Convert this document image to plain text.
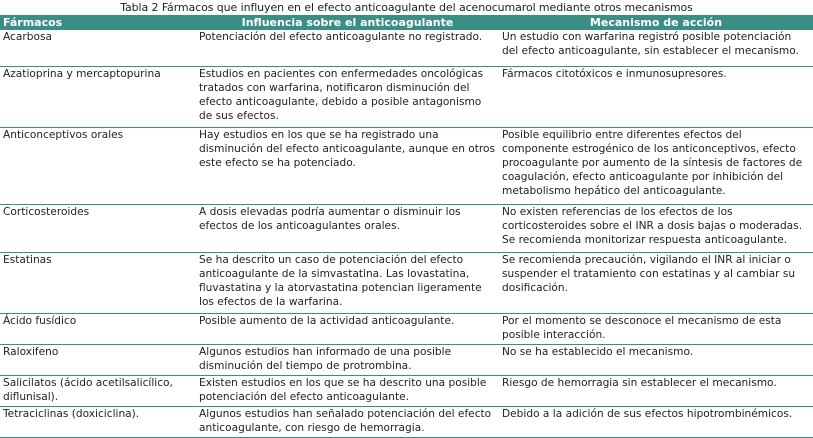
Tabla 2 Fármacos que influyen en el efecto anticoagulante del acenocumarol mediante otros mecanismos
Fármacos	Influencia sobre el anticoagulante	Mecanismo de acción
Acarbosa	Potenciación del efecto anticoagulante no registrado.	Un estudio con warfarina registró posible potenciación del efecto anticoagulante, sin establecer el mecanismo.
Azatioprina y mercaptopurina	Estudios en pacientes con enfermedades oncológicas tratados con warfarina, notificaron disminución del efecto anticoagulante, debido a posible antagonismo de sus efectos.	Fármacos citotóxicos e inmunosupresores.
Anticonceptivos orales	Hay estudios en los que se ha registrado una disminución del efecto anticoagulante, aunque en otros este efecto se ha potenciado.	Posible equilibrio entre diferentes efectos del componente estrogénico de los anticonceptivos, efecto procoagulante por aumento de la síntesis de factores de coagulación, efecto anticoagulante por inhibición del metabolismo hepático del anticoagulante.
Corticosteroides	A dosis elevadas podría aumentar o disminuir los efectos de los anticoagulantes orales.	No existen referencias de los efectos de los corticosteroides sobre el INR a dosis bajas o moderadas. Se recomienda monitorizar respuesta anticoagulante.
Estatinas	Se ha descrito un caso de potenciación del efecto anticoagulante de la simvastatina. Las lovastatina, fluvastatina y la atorvastatina potencian ligeramente los efectos de la warfarina.	Se recomienda precaución, vigilando el INR al iniciar o suspender el tratamiento con estatinas y al cambiar su dosificación.
Ácido fusídico	Posible aumento de la actividad anticoagulante.	Por el momento se desconoce el mecanismo de esta posible interacción.
Raloxifeno	Algunos estudios han informado de una posible disminución del tiempo de protrombina.	No se ha establecido el mecanismo.
Salicilatos (ácido acetilsalicílico, diflunisal).	Existen estudios en los que se ha descrito una posible potenciación del efecto anticoagulante.	Riesgo de hemorragia sin establecer el mecanismo.
Tetraciclinas (doxiciclina).	Algunos estudios han señalado potenciación del efecto anticoagulante, con riesgo de hemorragia.	Debido a la adición de sus efectos hipotrombinémicos.
